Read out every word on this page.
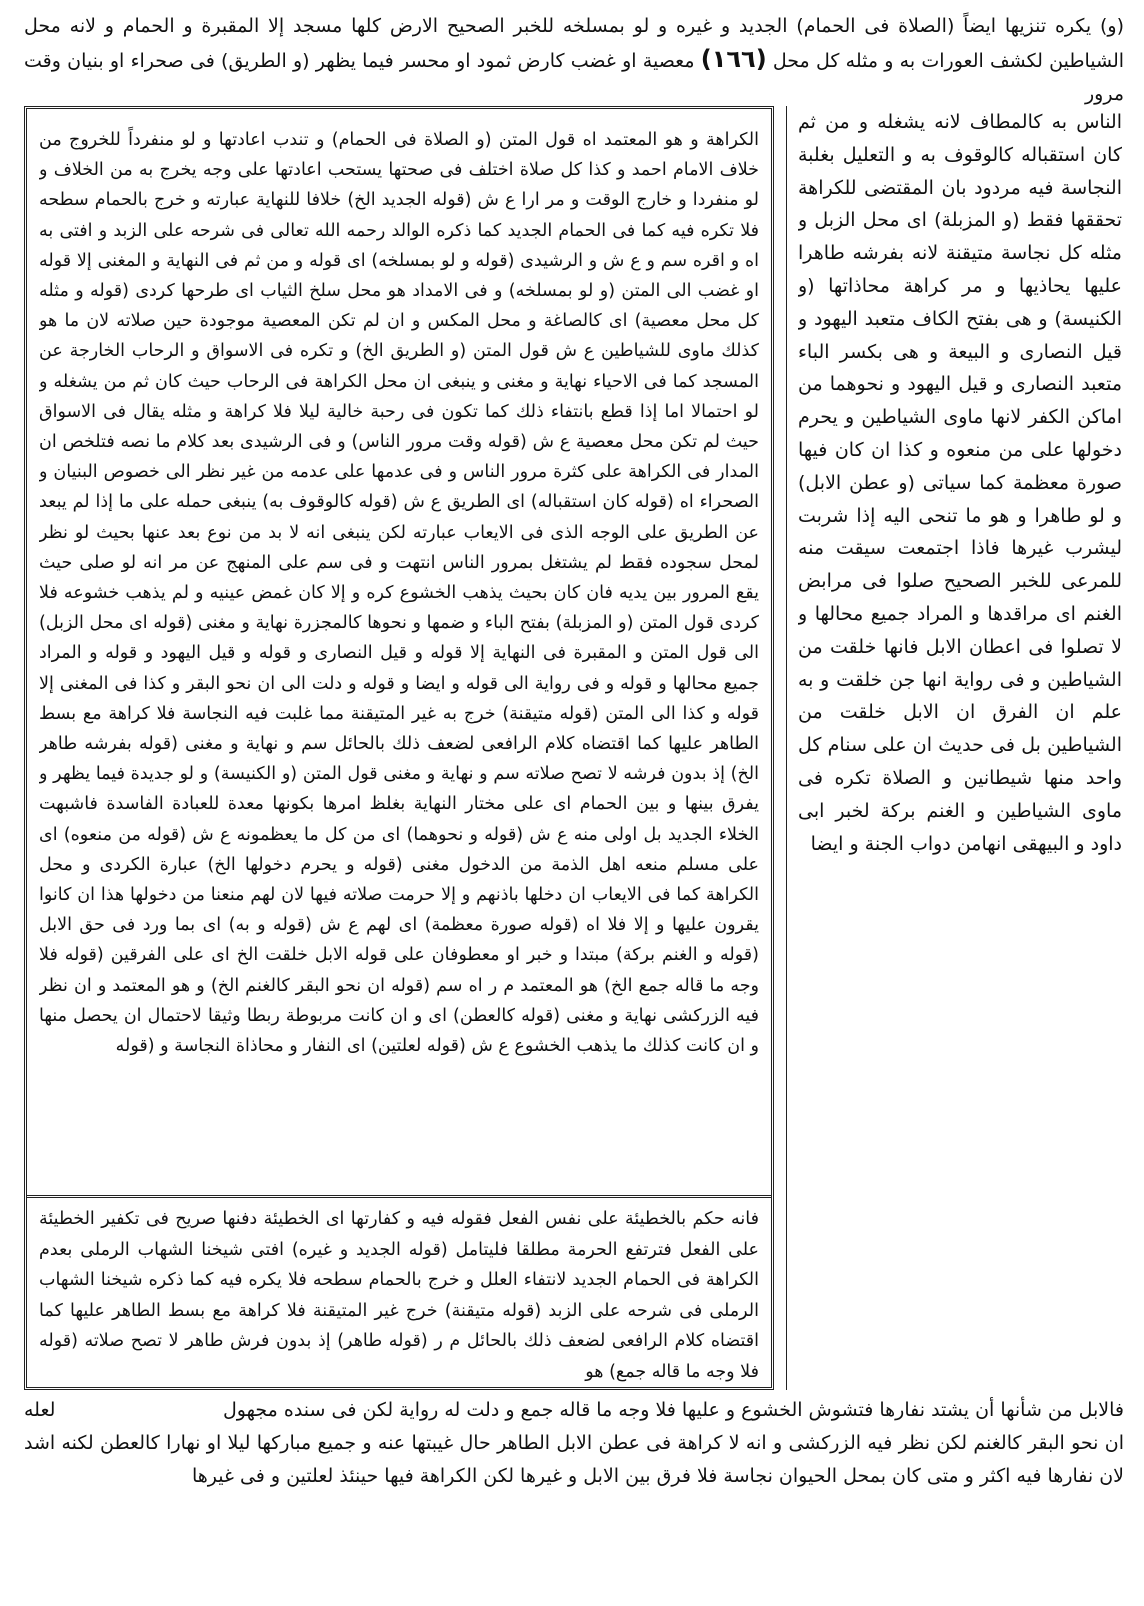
(و) يكره تنزيها ايضاً (الصلاة فى الحمام) الجديد و غيره و لو بمسلخه للخبر الصحيح الارض كلها مسجد إلا المقبرة و الحمام و لانه محل الشياطين لكشف العورات به و مثله كل محل (١٦٦) معصية او غضب كارض ثمود او محسر فيما يظهر (و الطريق) فى صحراء او بنيان وقت مرور

الناس به كالمطاف لانه يشغله و من ثم كان استقباله كالوقوف به و التعليل بغلبة النجاسة فيه مردود بان المقتضى للكراهة تحققها فقط (و المزبلة) اى محل الزبل و مثله كل نجاسة متيقنة لانه بفرشه طاهرا عليها يحاذيها و مر كراهة محاذاتها (و الكنيسة) و هى بفتح الكاف متعبد اليهود و قيل النصارى و البيعة و هى بكسر الباء متعبد النصارى و قيل اليهود و نحوهما من اماكن الكفر لانها ماوى الشياطين و يحرم دخولها على من منعوه و كذا ان كان فيها صورة معظمة كما سياتى (و عطن الابل) و لو طاهرا و هو ما تنحى اليه إذا شربت ليشرب غيرها فاذا اجتمعت سيقت منه للمرعى للخبر الصحيح صلوا فى مرابض الغنم اى مراقدها و المراد جميع محالها و لا تصلوا فى اعطان الابل فانها خلقت من الشياطين و فى رواية انها جن خلقت و به علم ان الفرق ان الابل خلقت من الشياطين بل فى حديث ان على سنام كل واحد منها شيطانين و الصلاة تكره فى ماوى الشياطين و الغنم بركة لخبر ابى داود و البيهقى انهامن دواب الجنة و ايضا

الكراهة و هو المعتمد اه قول المتن (و الصلاة فى الحمام) و تندب اعادتها و لو منفرداً للخروج من خلاف الامام احمد و كذا كل صلاة اختلف فى صحتها يستحب اعادتها على وجه يخرج به من الخلاف و لو منفردا و خارج الوقت و مر ارا ع ش (قوله الجديد الخ) خلافا للنهاية عبارته و خرج بالحمام سطحه فلا تكره فيه كما فى الحمام الجديد كما ذكره الوالد رحمه الله تعالى فى شرحه على الزبد و افتى به اه و اقره سم و ع ش و الرشيدى (قوله و لو بمسلخه) اى قوله و من ثم فى النهاية و المغنى إلا قوله او غضب الى المتن (و لو بمسلخه) و فى الامداد هو محل سلخ الثياب اى طرحها كردى (قوله و مثله كل محل معصية) اى كالصاغة و محل المكس و ان لم تكن المعصية موجودة حين صلاته لان ما هو كذلك ماوى للشياطين ع ش قول المتن (و الطريق الخ) و تكره فى الاسواق و الرحاب الخارجة عن المسجد كما فى الاحياء نهاية و مغنى و ينبغى ان محل الكراهة فى الرحاب حيث كان ثم من يشغله و لو احتمالا اما إذا قطع بانتفاء ذلك كما تكون فى رحبة خالية ليلا فلا كراهة و مثله يقال فى الاسواق حيث لم تكن محل معصية ع ش (قوله وقت مرور الناس) و فى الرشيدى بعد كلام ما نصه فتلخص ان المدار فى الكراهة على كثرة مرور الناس و فى عدمها على عدمه من غير نظر الى خصوص البنيان و الصحراء اه (قوله كان استقباله) اى الطريق ع ش (قوله كالوقوف به) ينبغى حمله على ما إذا لم يبعد عن الطريق على الوجه الذى فى الايعاب عبارته لكن ينبغى انه لا بد من نوع بعد عنها بحيث لو نظر لمحل سجوده فقط لم يشتغل بمرور الناس انتهت و فى سم على المنهج عن مر انه لو صلى حيث يقع المرور بين يديه فان كان بحيث يذهب الخشوع كره و إلا كان غمض عينيه و لم يذهب خشوعه فلا كردى قول المتن (و المزبلة) بفتح الباء و ضمها و نحوها كالمجزرة نهاية و مغنى (قوله اى محل الزبل) الى قول المتن و المقبرة فى النهاية إلا قوله و قيل النصارى و قوله و قيل اليهود و قوله و المراد جميع محالها و قوله و فى رواية الى قوله و ايضا و قوله و دلت الى ان نحو البقر و كذا فى المغنى إلا قوله و كذا الى المتن (قوله متيقنة) خرج به غير المتيقنة مما غلبت فيه النجاسة فلا كراهة مع بسط الطاهر عليها كما اقتضاه كلام الرافعى لضعف ذلك بالحائل سم و نهاية و مغنى (قوله بفرشه طاهر الخ) إذ بدون فرشه لا تصح صلاته سم و نهاية و مغنى قول المتن (و الكنيسة) و لو جديدة فيما يظهر و يفرق بينها و بين الحمام اى على مختار النهاية بغلظ امرها بكونها معدة للعبادة الفاسدة فاشبهت الخلاء الجديد بل اولى منه ع ش (قوله و نحوهما) اى من كل ما يعظمونه ع ش (قوله من منعوه) اى على مسلم منعه اهل الذمة من الدخول مغنى (قوله و يحرم دخولها الخ) عبارة الكردى و محل الكراهة كما فى الايعاب ان دخلها باذنهم و إلا حرمت صلاته فيها لان لهم منعنا من دخولها هذا ان كانوا يقرون عليها و إلا فلا اه (قوله صورة معظمة) اى لهم ع ش (قوله و به) اى بما ورد فى حق الابل (قوله و الغنم بركة) مبتدا و خبر او معطوفان على قوله الابل خلقت الخ اى على الفرقين (قوله فلا وجه ما قاله جمع الخ) هو المعتمد م ر اه سم (قوله ان نحو البقر كالغنم الخ) و هو المعتمد و ان نظر فيه الزركشى نهاية و مغنى (قوله كالعطن) اى و ان كانت مربوطة ربطا وثيقا لاحتمال ان يحصل منها و ان كانت كذلك ما يذهب الخشوع ع ش (قوله لعلتين) اى النفار و محاذاة النجاسة و (قوله

فانه حكم بالخطيئة على نفس الفعل فقوله فيه و كفارتها اى الخطيئة دفنها صريح فى تكفير الخطيئة على الفعل فترتفع الحرمة مطلقا فليتامل (قوله الجديد و غيره) افتى شيخنا الشهاب الرملى بعدم الكراهة فى الحمام الجديد لانتفاء العلل و خرج بالحمام سطحه فلا يكره فيه كما ذكره شيخنا الشهاب الرملى فى شرحه على الزبد (قوله متيقنة) خرج غير المتيقنة فلا كراهة مع بسط الطاهر عليها كما اقتضاه كلام الرافعى لضعف ذلك بالحائل م ر (قوله طاهر) إذ بدون فرش طاهر لا تصح صلاته (قوله فلا وجه ما قاله جمع) هو

فالابل من شأنها أن يشتد نفارها فتشوش الخشوع و عليها فلا وجه ما قاله جمع و دلت له رواية لكن فى سنده مجهول
لعله

ان نحو البقر كالغنم لكن نظر فيه الزركشى و انه لا كراهة فى عطن الابل الطاهر حال غيبتها عنه و جميع مباركها ليلا او نهارا كالعطن لكنه اشد لان نفارها فيه اكثر و متى كان بمحل الحيوان نجاسة فلا فرق بين الابل و غيرها لكن الكراهة فيها حينئذ لعلتين و فى غيرها
